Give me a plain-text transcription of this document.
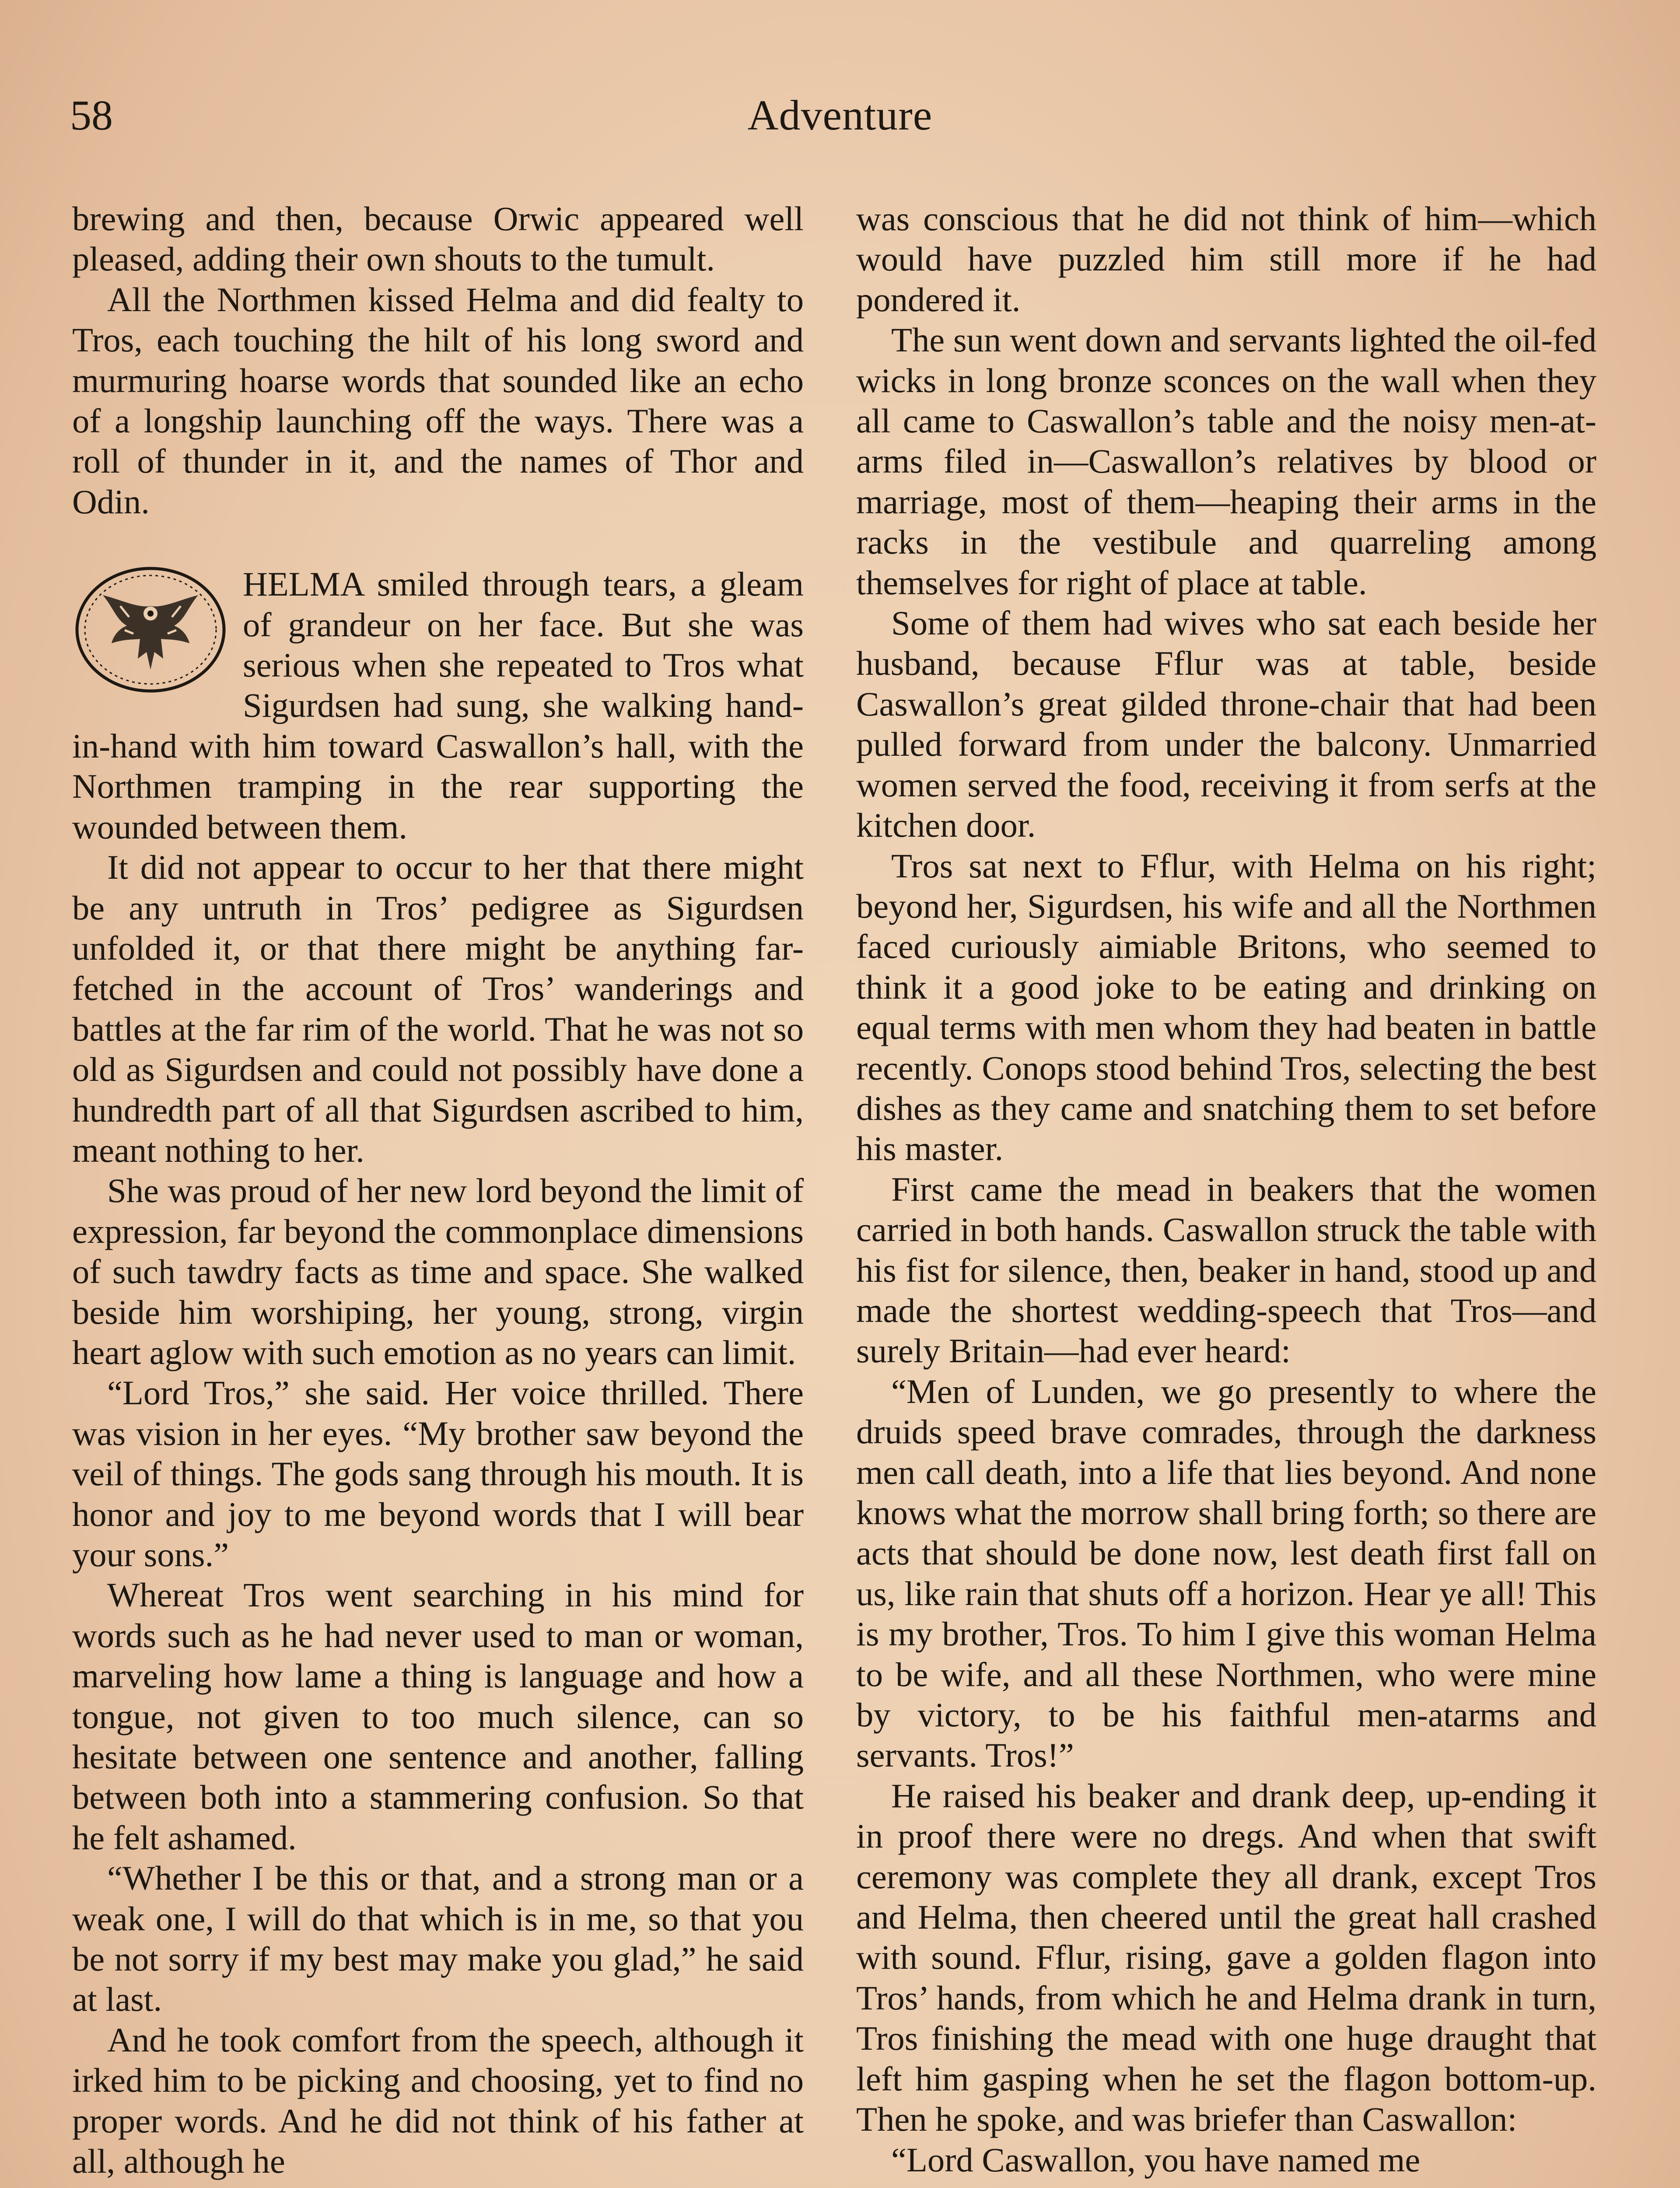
58	Adventure

brewing and then, because Orwic appeared well pleased, adding their own shouts to the tumult.

All the Northmen kissed Helma and did fealty to Tros, each touching the hilt of his long sword and murmuring hoarse words that sounded like an echo of a longship launching off the ways. There was a roll of thunder in it, and the names of Thor and Odin.

HELMA smiled through tears, a gleam of grandeur on her face. But she was serious when she repeated to Tros what Sigurdsen had sung, she walking hand-in-hand with him toward Caswallon’s hall, with the Northmen tramping in the rear supporting the wounded between them.

It did not appear to occur to her that there might be any untruth in Tros’ pedigree as Sigurdsen unfolded it, or that there might be anything far-fetched in the account of Tros’ wanderings and battles at the far rim of the world. That he was not so old as Sigurdsen and could not possibly have done a hundredth part of all that Sigurdsen ascribed to him, meant nothing to her.

She was proud of her new lord beyond the limit of expression, far beyond the commonplace dimensions of such tawdry facts as time and space. She walked beside him worshiping, her young, strong, virgin heart aglow with such emotion as no years can limit.

“Lord Tros,” she said. Her voice thrilled. There was vision in her eyes. “My brother saw beyond the veil of things. The gods sang through his mouth. It is honor and joy to me beyond words that I will bear your sons.”

Whereat Tros went searching in his mind for words such as he had never used to man or woman, marveling how lame a thing is language and how a tongue, not given to too much silence, can so hesitate between one sentence and another, falling between both into a stammering confusion. So that he felt ashamed.

“Whether I be this or that, and a strong man or a weak one, I will do that which is in me, so that you be not sorry if my best may make you glad,” he said at last.

And he took comfort from the speech, although it irked him to be picking and choosing, yet to find no proper words. And he did not think of his father at all, although he

was conscious that he did not think of him—which would have puzzled him still more if he had pondered it.

The sun went down and servants lighted the oil-fed wicks in long bronze sconces on the wall when they all came to Caswallon’s table and the noisy men-at-arms filed in—Caswallon’s relatives by blood or marriage, most of them—heaping their arms in the racks in the vestibule and quarreling among themselves for right of place at table.

Some of them had wives who sat each beside her husband, because Fflur was at table, beside Caswallon’s great gilded throne-chair that had been pulled forward from under the balcony. Unmarried women served the food, receiving it from serfs at the kitchen door.

Tros sat next to Fflur, with Helma on his right; beyond her, Sigurdsen, his wife and all the Northmen faced curiously aimiable Britons, who seemed to think it a good joke to be eating and drinking on equal terms with men whom they had beaten in battle recently. Conops stood behind Tros, selecting the best dishes as they came and snatching them to set before his master.

First came the mead in beakers that the women carried in both hands. Caswallon struck the table with his fist for silence, then, beaker in hand, stood up and made the shortest wedding-speech that Tros—and surely Britain—had ever heard:

“Men of Lunden, we go presently to where the druids speed brave comrades, through the darkness men call death, into a life that lies beyond. And none knows what the morrow shall bring forth; so there are acts that should be done now, lest death first fall on us, like rain that shuts off a horizon. Hear ye all! This is my brother, Tros. To him I give this woman Helma to be wife, and all these Northmen, who were mine by victory, to be his faithful men-atarms and servants. Tros!”

He raised his beaker and drank deep, up-ending it in proof there were no dregs. And when that swift ceremony was complete they all drank, except Tros and Helma, then cheered until the great hall crashed with sound. Fflur, rising, gave a golden flagon into Tros’ hands, from which he and Helma drank in turn, Tros finishing the mead with one huge draught that left him gasping when he set the flagon bottom-up. Then he spoke, and was briefer than Caswallon:

“Lord Caswallon, you have named me
